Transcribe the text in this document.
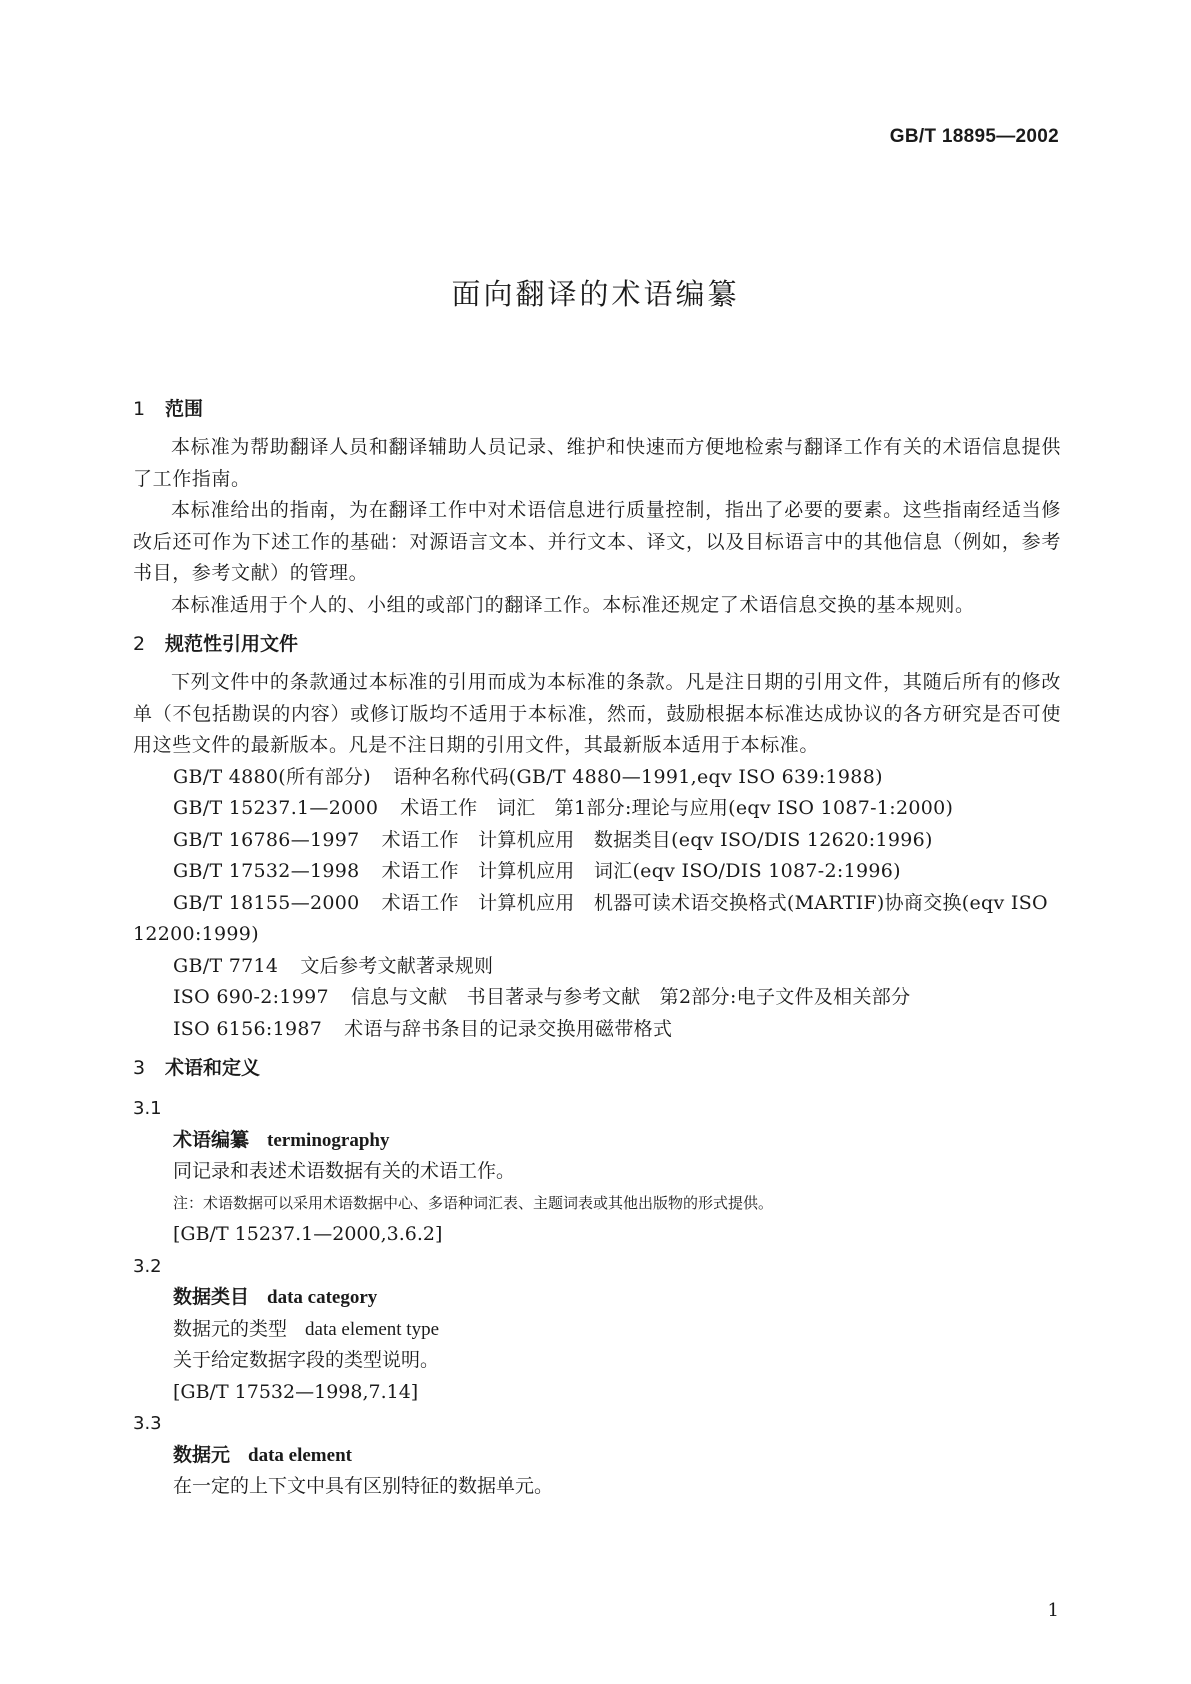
GB/T 18895—2002
面向翻译的术语编纂

1 范围

本标准为帮助翻译人员和翻译辅助人员记录、维护和快速而方便地检索与翻译工作有关的术语信息提供了工作指南。

本标准给出的指南，为在翻译工作中对术语信息进行质量控制，指出了必要的要素。这些指南经适当修改后还可作为下述工作的基础：对源语言文本、并行文本、译文，以及目标语言中的其他信息（例如，参考书目，参考文献）的管理。

本标准适用于个人的、小组的或部门的翻译工作。本标准还规定了术语信息交换的基本规则。

2 规范性引用文件

下列文件中的条款通过本标准的引用而成为本标准的条款。凡是注日期的引用文件，其随后所有的修改单（不包括勘误的内容）或修订版均不适用于本标准，然而，鼓励根据本标准达成协议的各方研究是否可使用这些文件的最新版本。凡是不注日期的引用文件，其最新版本适用于本标准。

GB/T 4880(所有部分) 语种名称代码(GB/T 4880—1991,eqv ISO 639:1988)

GB/T 15237.1—2000 术语工作　词汇　第1部分:理论与应用(eqv ISO 1087-1:2000)

GB/T 16786—1997 术语工作　计算机应用　数据类目(eqv ISO/DIS 12620:1996)

GB/T 17532—1998 术语工作　计算机应用　词汇(eqv ISO/DIS 1087-2:1996)

GB/T 18155—2000 术语工作　计算机应用　机器可读术语交换格式(MARTIF)协商交换(eqv ISO 12200:1999)

GB/T 7714 文后参考文献著录规则

ISO 690-2:1997 信息与文献　书目著录与参考文献　第2部分:电子文件及相关部分

ISO 6156:1987 术语与辞书条目的记录交换用磁带格式

3 术语和定义

3.1

术语编纂 terminography

同记录和表述术语数据有关的术语工作。

注：术语数据可以采用术语数据中心、多语种词汇表、主题词表或其他出版物的形式提供。

[GB/T 15237.1—2000,3.6.2]

3.2

数据类目 data category

数据元的类型 data element type

关于给定数据字段的类型说明。

[GB/T 17532—1998,7.14]

3.3

数据元 data element

在一定的上下文中具有区别特征的数据单元。

1
